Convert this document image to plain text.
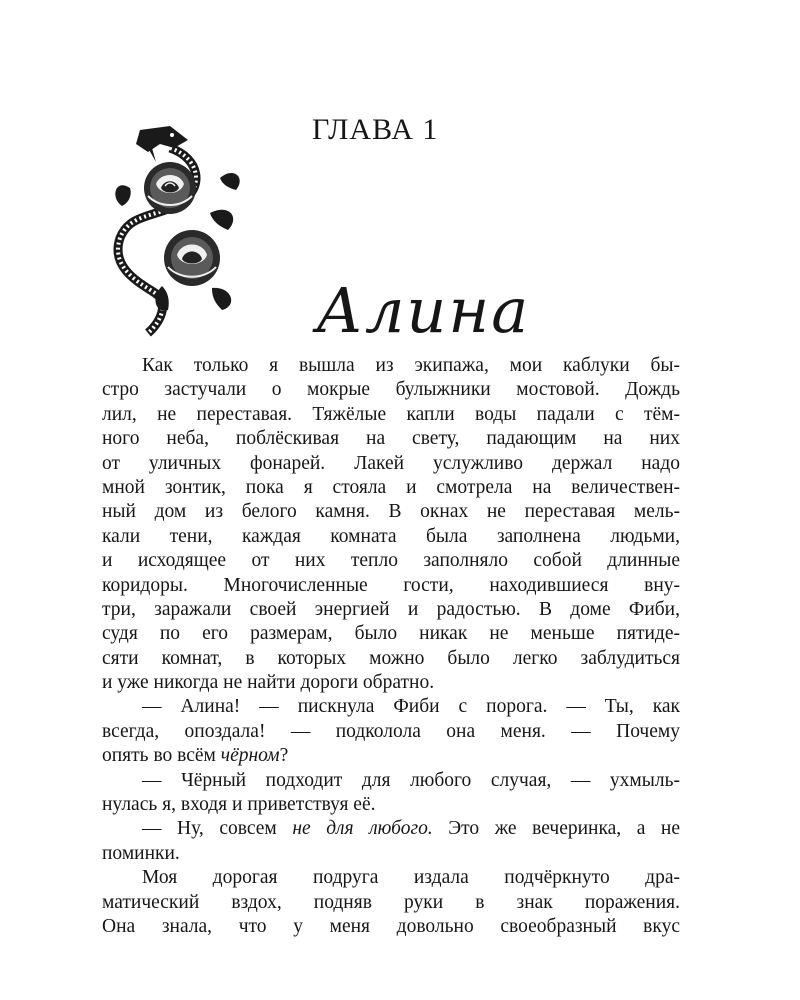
ГЛАВА 1
Алина
Как только я вышла из экипажа, мои каблуки бы-
стро застучали о мокрые булыжники мостовой. Дождь
лил, не переставая. Тяжёлые капли воды падали с тём-
ного неба, поблёскивая на свету, падающим на них
от уличных фонарей. Лакей услужливо держал надо
мной зонтик, пока я стояла и смотрела на величествен-
ный дом из белого камня. В окнах не переставая мель-
кали тени, каждая комната была заполнена людьми,
и исходящее от них тепло заполняло собой длинные
коридоры. Многочисленные гости, находившиеся вну-
три, заражали своей энергией и радостью. В доме Фиби,
судя по его размерам, было никак не меньше пятиде-
сяти комнат, в которых можно было легко заблудиться
и уже никогда не найти дороги обратно.
— Алина! — пискнула Фиби с порога. — Ты, как
всегда, опоздала! — подколола она меня. — Почему
опять во всём чёрном?
— Чёрный подходит для любого случая, — ухмыль-
нулась я, входя и приветствуя её.
— Ну, совсем не для любого. Это же вечеринка, а не
поминки.
Моя дорогая подруга издала подчёркнуто дра-
матический вздох, подняв руки в знак поражения.
Она знала, что у меня довольно своеобразный вкус
